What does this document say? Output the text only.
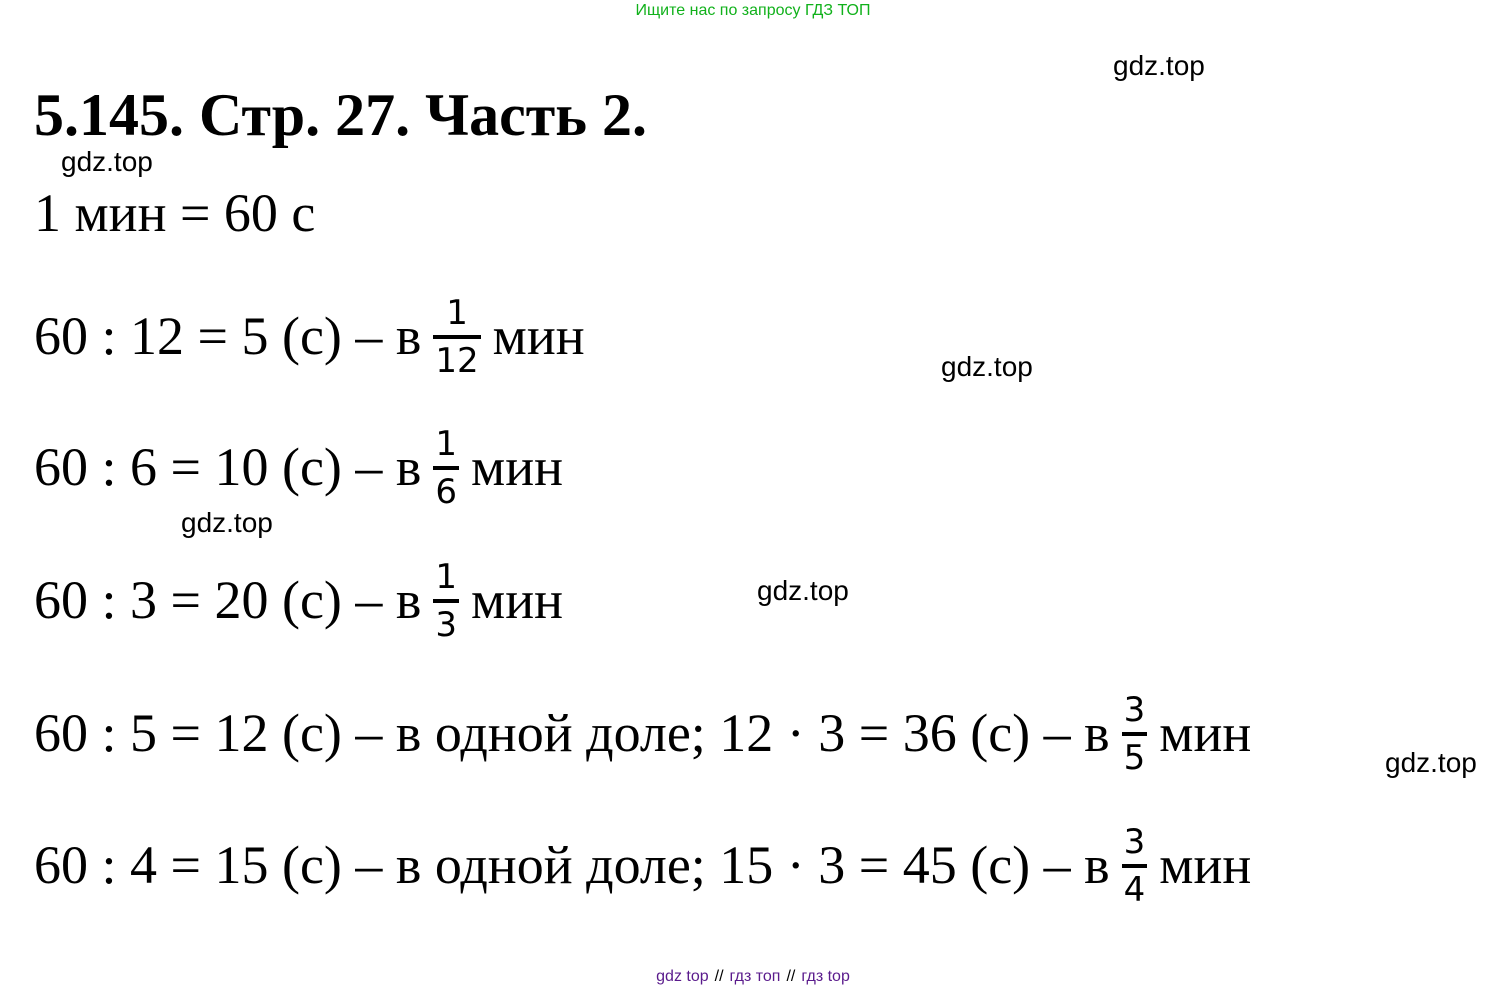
Ищите нас по запросу ГДЗ ТОП
gdz.top
5.145. Стр. 27. Часть 2.
gdz.top
1 мин = 60 с
60 : 12 = 5 (с) – в $\frac{1}{12}$ мин
gdz.top
60 : 6 = 10 (с) – в $\frac{1}{6}$ мин
gdz.top
60 : 3 = 20 (с) – в $\frac{1}{3}$ мин	gdz.top
60 : 5 = 12 (с) – в одной доле; 12 · 3 = 36 (с) – в $\frac{3}{5}$ мин	gdz.top
60 : 4 = 15 (с) – в одной доле; 15 · 3 = 45 (с) – в $\frac{3}{4}$ мин
gdz top // гдз топ // гдз top
